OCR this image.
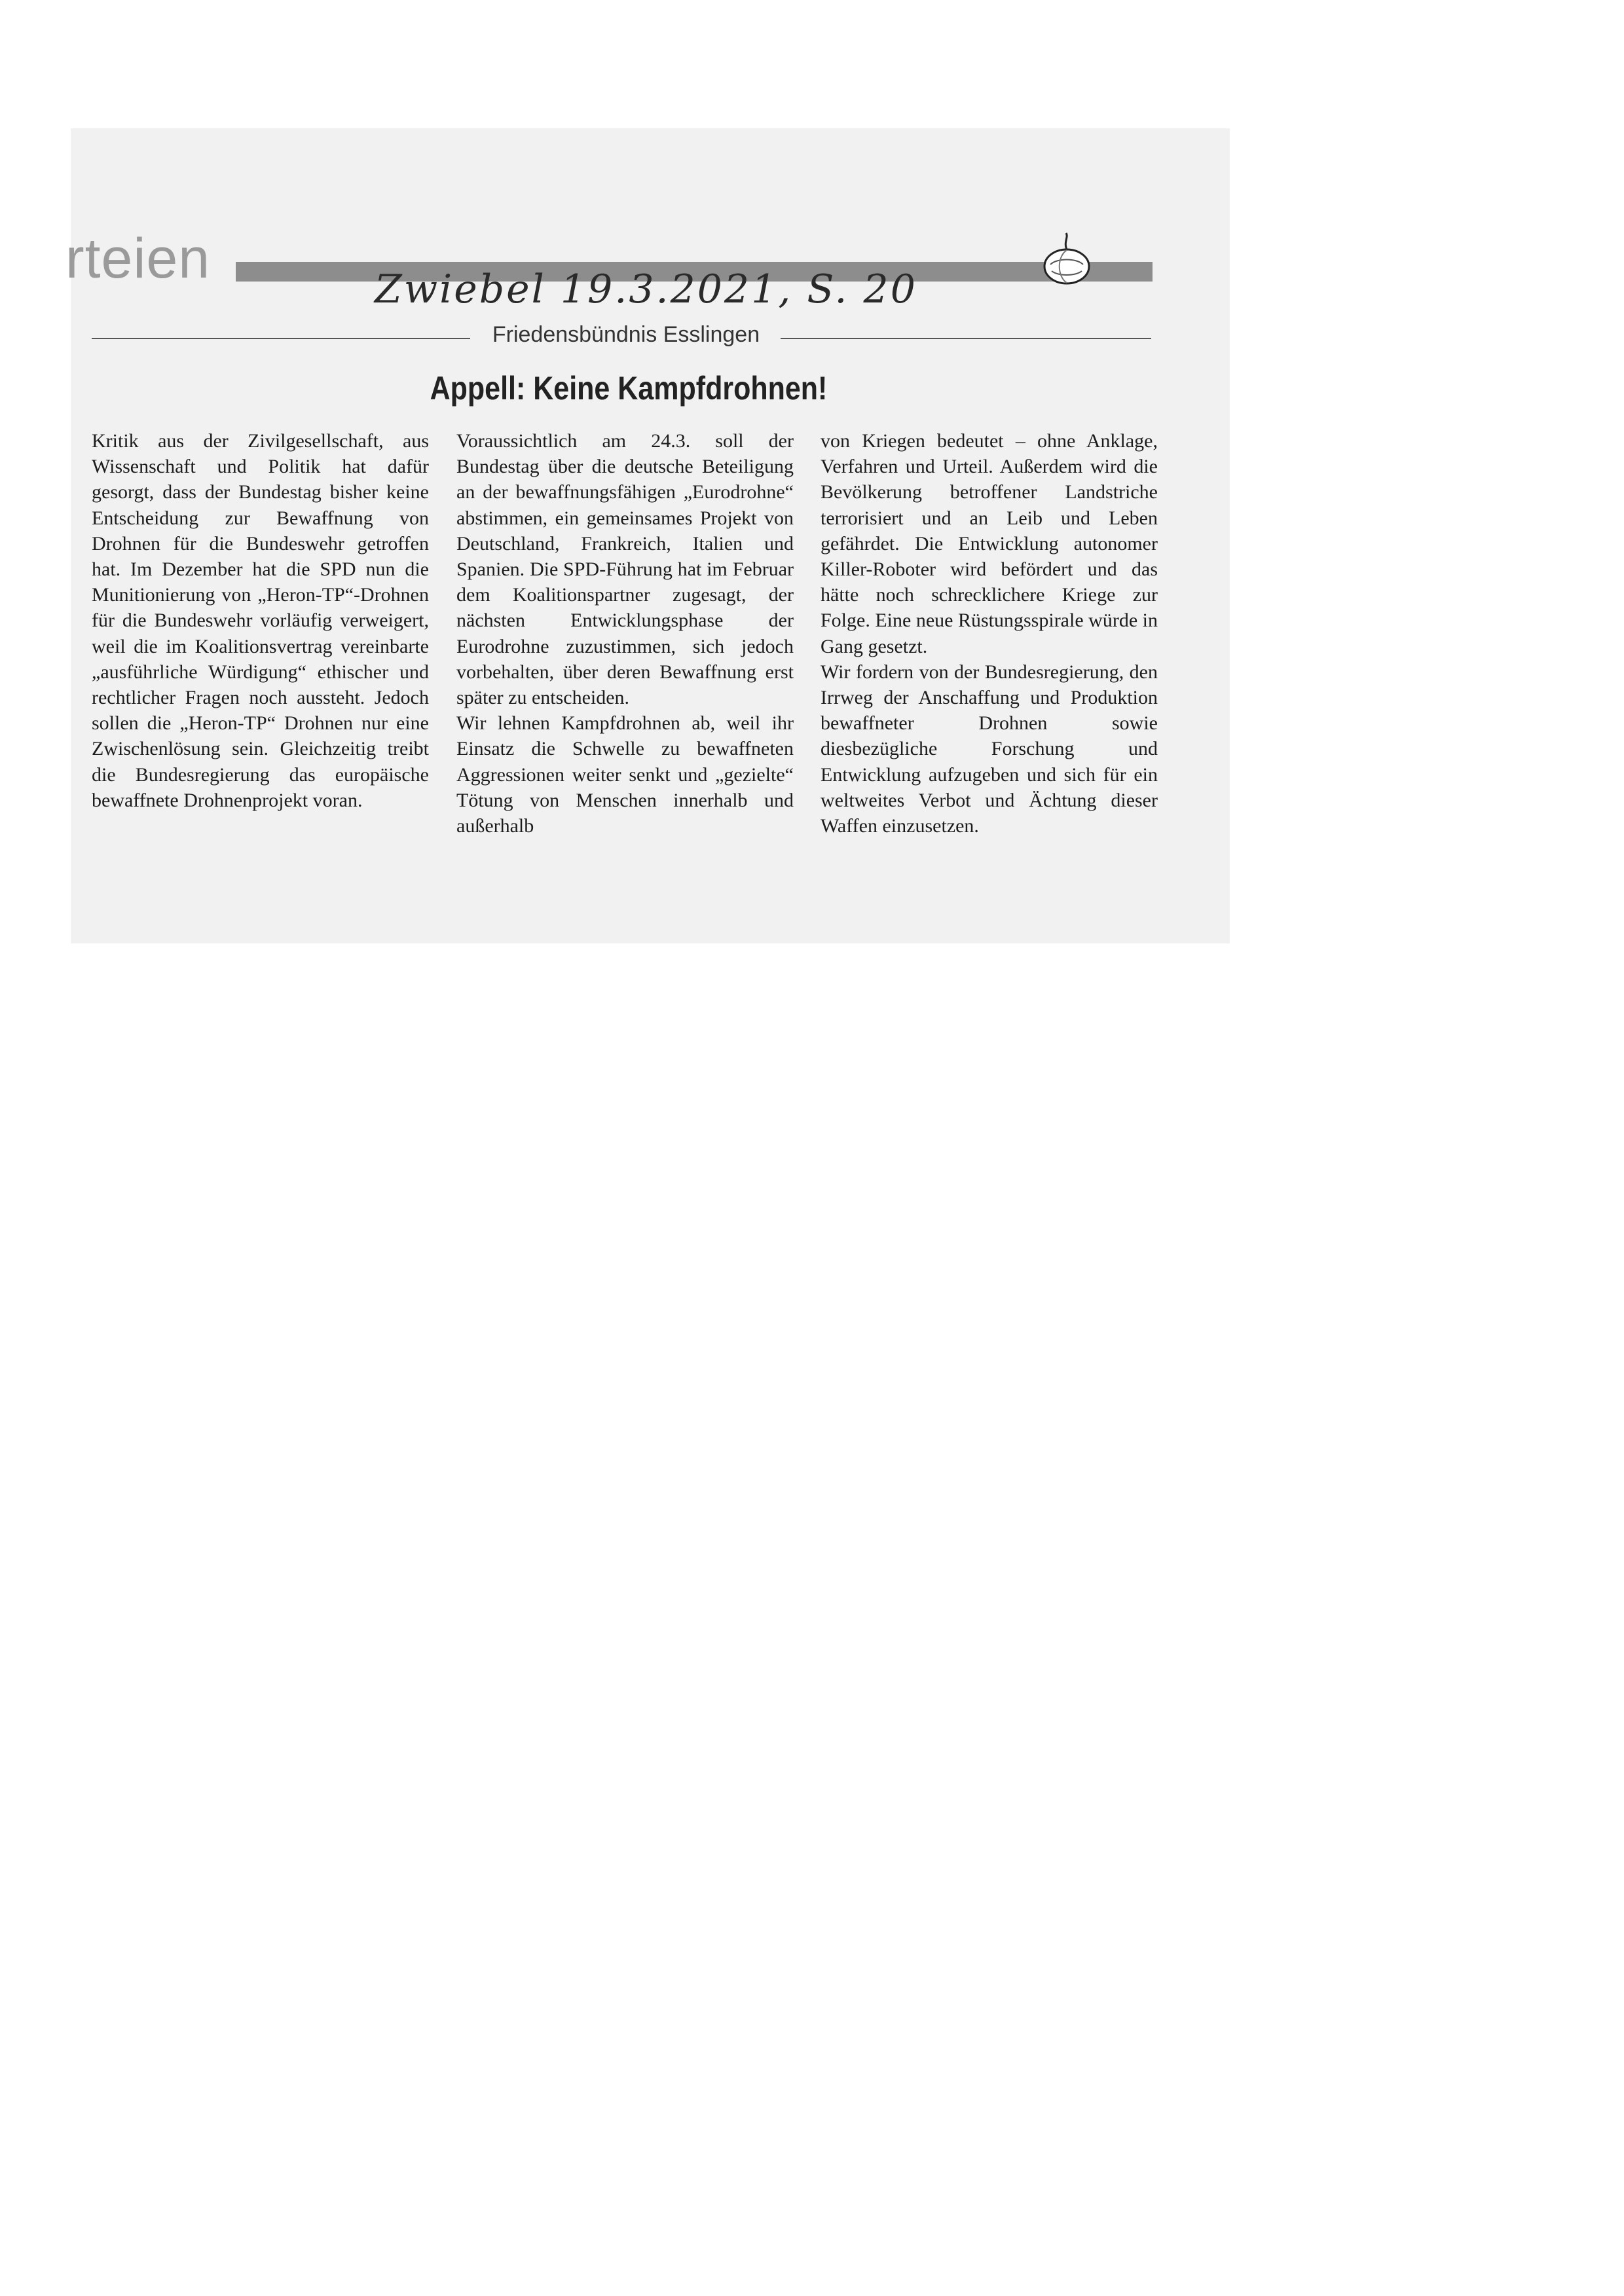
rteien	Zwiebel 19.3.2021, S. 20
Friedensbündnis Esslingen
Appell: Keine Kampfdrohnen!

Kritik aus der Zivilgesellschaft, aus Wissenschaft und Politik hat dafür gesorgt, dass der Bundestag bisher keine Entscheidung zur Bewaffnung von Drohnen für die Bundeswehr getroffen hat. Im Dezember hat die SPD nun die Munitionierung von „Heron-TP“-Drohnen für die Bundeswehr vorläufig verweigert, weil die im Koalitionsvertrag vereinbarte „ausführliche Würdigung“ ethischer und rechtlicher Fragen noch aussteht. Jedoch sollen die „Heron-TP“ Drohnen nur eine Zwischenlösung sein. Gleichzeitig treibt die Bundesregierung das europäische bewaffnete Drohnenprojekt voran.

Voraussichtlich am 24.3. soll der Bundestag über die deutsche Beteiligung an der bewaffnungsfähigen „Eurodrohne“ abstimmen, ein gemeinsames Projekt von Deutschland, Frankreich, Italien und Spanien. Die SPD-Führung hat im Februar dem Koalitionspartner zugesagt, der nächsten Entwicklungsphase der Eurodrohne zuzustimmen, sich jedoch vorbehalten, über deren Bewaffnung erst später zu entscheiden.

Wir lehnen Kampfdrohnen ab, weil ihr Einsatz die Schwelle zu bewaffneten Aggressionen weiter senkt und „gezielte“ Tötung von Menschen innerhalb und außerhalb

von Kriegen bedeutet – ohne Anklage, Verfahren und Urteil. Außerdem wird die Bevölkerung betroffener Landstriche terrorisiert und an Leib und Leben gefährdet. Die Entwicklung autonomer Killer-Roboter wird befördert und das hätte noch schrecklichere Kriege zur Folge. Eine neue Rüstungsspirale würde in Gang gesetzt.

Wir fordern von der Bundesregierung, den Irrweg der Anschaffung und Produktion bewaffneter Drohnen sowie diesbezügliche Forschung und Entwicklung aufzugeben und sich für ein weltweites Verbot und Ächtung dieser Waffen einzusetzen.
